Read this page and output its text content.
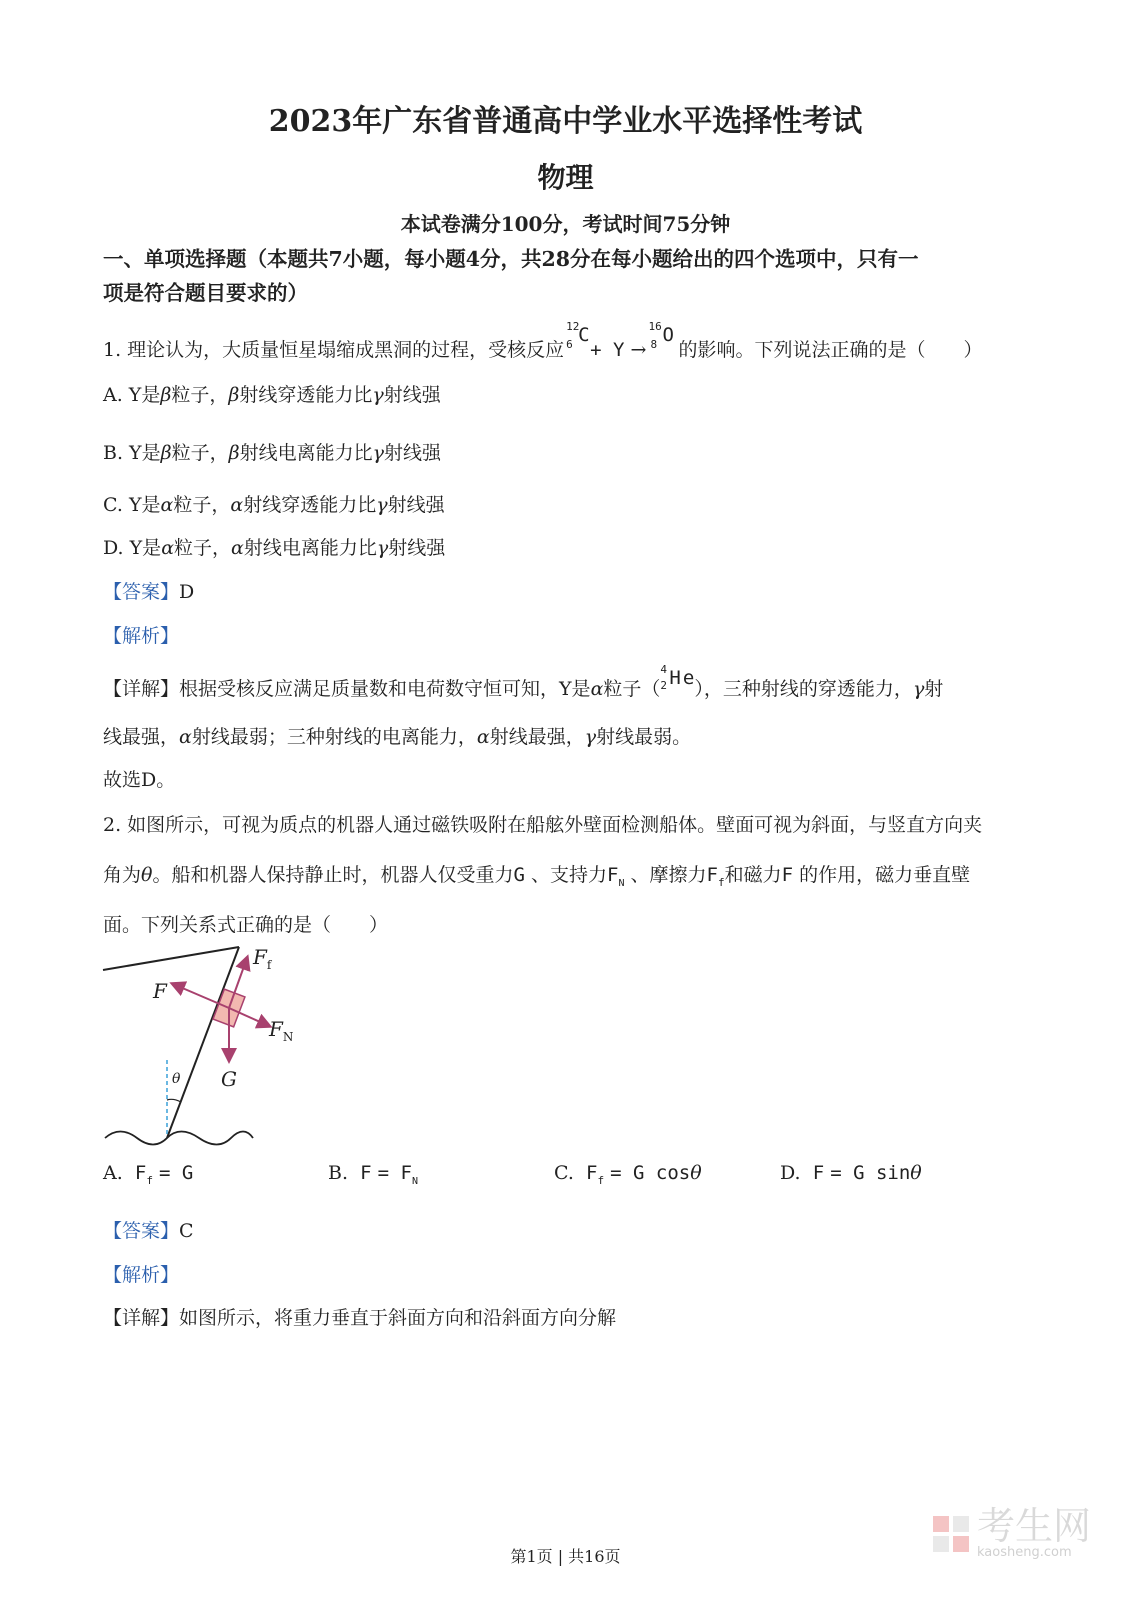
2023年广东省普通高中学业水平选择性考试
物理
本试卷满分100分，考试时间75分钟
一、单项选择题（本题共7小题，每小题4分，共28分在每小题给出的四个选项中，只有一
项是符合题目要求的）
1. 理论认为，大质量恒星塌缩成黑洞的过程，受核反应
12
6 C
+ Y →
16
8 O
的影响。下列说法正确的是（　　）
A. Y是β粒子，β射线穿透能力比γ射线强
B. Y是β粒子，β射线电离能力比γ射线强
C. Y是α粒子，α射线穿透能力比γ射线强
D. Y是α粒子，α射线电离能力比γ射线强
【答案】D
【解析】
【详解】根据受核反应满足质量数和电荷数守恒可知，Y是α粒子（
4
2 He
），三种射线的穿透能力，γ射
线最强，α射线最弱；三种射线的电离能力，α射线最强，γ射线最弱。
故选D。
2. 如图所示，可视为质点的机器人通过磁铁吸附在船舷外壁面检测船体。壁面可视为斜面，与竖直方向夹
角为θ。船和机器人保持静止时，机器人仅受重力G 、支持力$F_N$ 、摩擦力$F_f$和磁力F 的作用，磁力垂直壁
面。下列关系式正确的是（　　）
$F_f$
F
$F_N$
G
θ
A. $F_f = G$	B. $F = F_N$	C. $F_f = G$ cosθ	D. F = G sinθ
【答案】C
【解析】
【详解】如图所示，将重力垂直于斜面方向和沿斜面方向分解
考生网
kaosheng.com
第1页 | 共16页
